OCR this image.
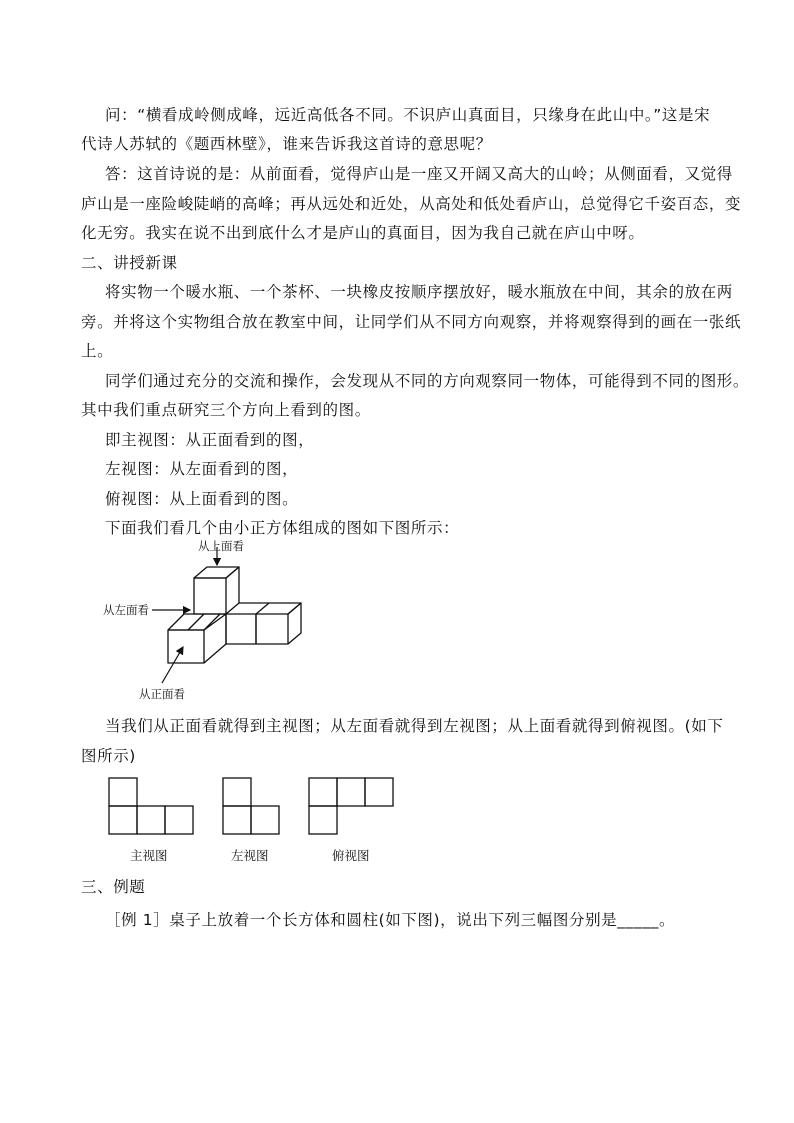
问：“横看成岭侧成峰，远近高低各不同。不识庐山真面目，只缘身在此山中。”这是宋
代诗人苏轼的《题西林壁》，谁来告诉我这首诗的意思呢？
答：这首诗说的是：从前面看，觉得庐山是一座又开阔又高大的山岭；从侧面看，又觉得
庐山是一座险峻陡峭的高峰；再从远处和近处，从高处和低处看庐山，总觉得它千姿百态，变
化无穷。我实在说不出到底什么才是庐山的真面目，因为我自己就在庐山中呀。
二、讲授新课
将实物一个暖水瓶、一个茶杯、一块橡皮按顺序摆放好，暖水瓶放在中间，其余的放在两
旁。并将这个实物组合放在教室中间，让同学们从不同方向观察，并将观察得到的画在一张纸
上。
同学们通过充分的交流和操作，会发现从不同的方向观察同一物体，可能得到不同的图形。
其中我们重点研究三个方向上看到的图。
即主视图：从正面看到的图，
左视图：从左面看到的图，
俯视图：从上面看到的图。
下面我们看几个由小正方体组成的图如下图所示：
从上面看
从左面看
从正面看
当我们从正面看就得到主视图；从左面看就得到左视图；从上面看就得到俯视图。(如下
图所示)
主视图	左视图	俯视图
三、例题
［例 1］桌子上放着一个长方体和圆柱(如下图)，说出下列三幅图分别是_____。
